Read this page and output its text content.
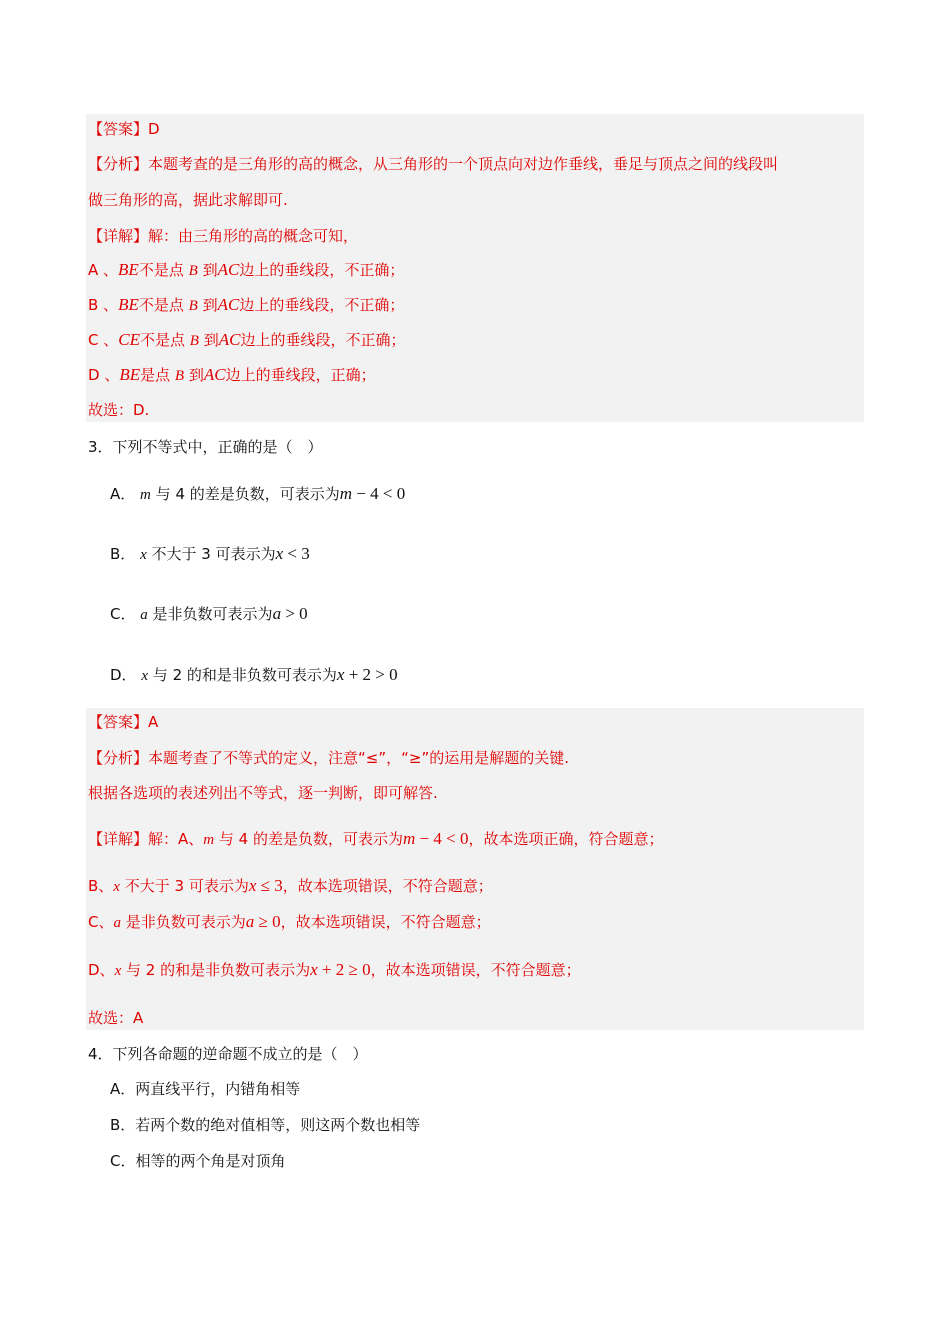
【答案】D
【分析】本题考查的是三角形的高的概念，从三角形的一个顶点向对边作垂线，垂足与顶点之间的线段叫
做三角形的高，据此求解即可.
【详解】解：由三角形的高的概念可知，
A 、BE不是点 B 到AC边上的垂线段，不正确；
B 、BE不是点 B 到AC边上的垂线段，不正确；
C 、CE不是点 B 到AC边上的垂线段，不正确；
D 、BE是点 B 到AC边上的垂线段，正确；
故选：D.
3．下列不等式中，正确的是（　）
A． m 与 4 的差是负数，可表示为m − 4 < 0
B． x 不大于 3 可表示为x < 3
C． a 是非负数可表示为a > 0
D． x 与 2 的和是非负数可表示为x + 2 > 0
【答案】A
【分析】本题考查了不等式的定义，注意“≤”，“≥”的运用是解题的关键.
根据各选项的表述列出不等式，逐一判断，即可解答.
【详解】解：A、m 与 4 的差是负数，可表示为m − 4 < 0，故本选项正确，符合题意；
B、x 不大于 3 可表示为x ≤ 3，故本选项错误，不符合题意；
C、a 是非负数可表示为a ≥ 0，故本选项错误，不符合题意；
D、x 与 2 的和是非负数可表示为x + 2 ≥ 0，故本选项错误，不符合题意；
故选：A
4．下列各命题的逆命题不成立的是（　）
A．两直线平行，内错角相等
B．若两个数的绝对值相等，则这两个数也相等
C．相等的两个角是对顶角
